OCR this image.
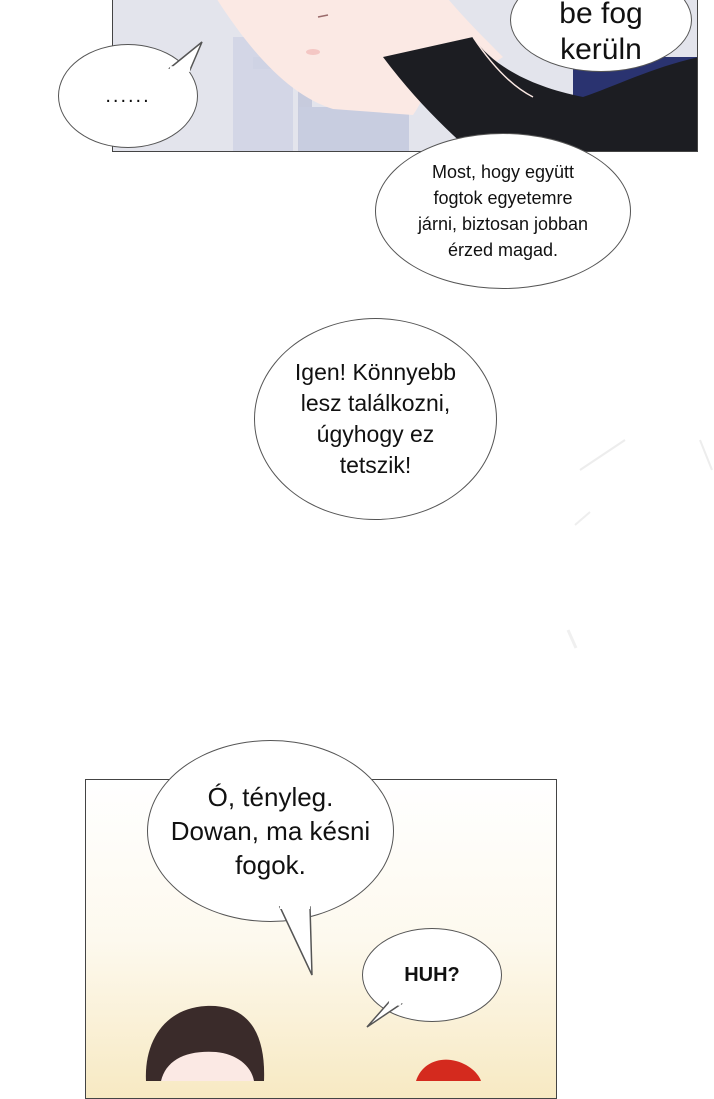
be fog
kerüln
......
Most, hogy együtt
fogtok egyetemre
járni, biztosan jobban
érzed magad.
Igen! Könnyebb
lesz találkozni,
úgyhogy ez
tetszik!
Ó, tényleg.
Dowan, ma késni
fogok.
HUH?
